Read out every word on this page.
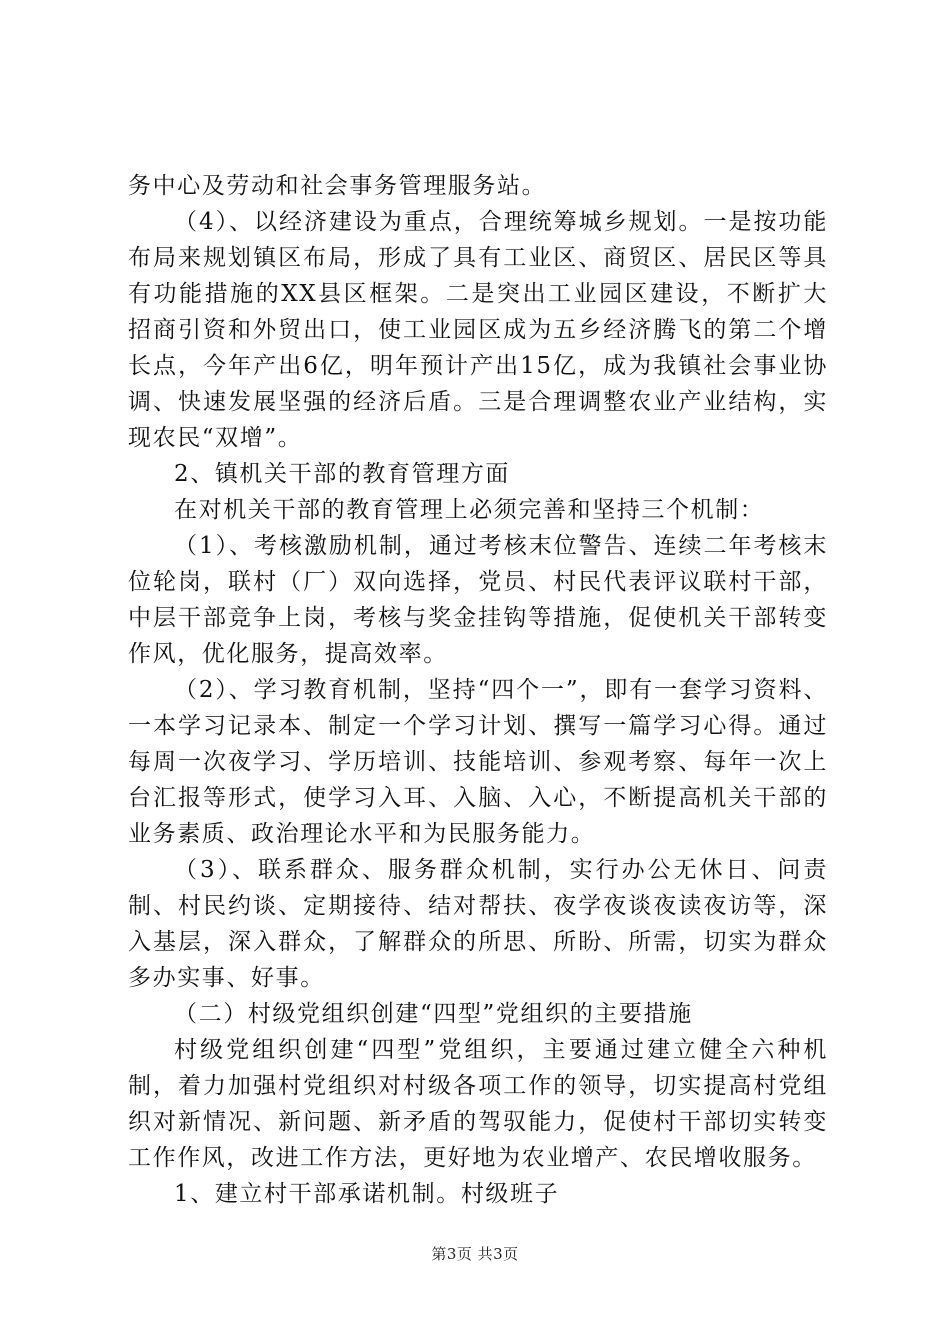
务中心及劳动和社会事务管理服务站。

（4）、以经济建设为重点，合理统筹城乡规划。一是按功能布局来规划镇区布局，形成了具有工业区、商贸区、居民区等具有功能措施的XX县区框架。二是突出工业园区建设，不断扩大招商引资和外贸出口，使工业园区成为五乡经济腾飞的第二个增长点，今年产出6亿，明年预计产出15亿，成为我镇社会事业协调、快速发展坚强的经济后盾。三是合理调整农业产业结构，实现农民“双增”。

2、镇机关干部的教育管理方面

在对机关干部的教育管理上必须完善和坚持三个机制：

（1）、考核激励机制，通过考核末位警告、连续二年考核末位轮岗，联村（厂）双向选择，党员、村民代表评议联村干部，中层干部竞争上岗，考核与奖金挂钩等措施，促使机关干部转变作风，优化服务，提高效率。

（2）、学习教育机制，坚持“四个一”，即有一套学习资料、一本学习记录本、制定一个学习计划、撰写一篇学习心得。通过每周一次夜学习、学历培训、技能培训、参观考察、每年一次上台汇报等形式，使学习入耳、入脑、入心，不断提高机关干部的业务素质、政治理论水平和为民服务能力。

（3）、联系群众、服务群众机制，实行办公无休日、问责制、村民约谈、定期接待、结对帮扶、夜学夜谈夜读夜访等，深入基层，深入群众，了解群众的所思、所盼、所需，切实为群众多办实事、好事。

（二）村级党组织创建“四型”党组织的主要措施

村级党组织创建“四型”党组织，主要通过建立健全六种机制，着力加强村党组织对村级各项工作的领导，切实提高村党组织对新情况、新问题、新矛盾的驾驭能力，促使村干部切实转变工作作风，改进工作方法，更好地为农业增产、农民增收服务。

1、建立村干部承诺机制。村级班子

第3页 共3页
